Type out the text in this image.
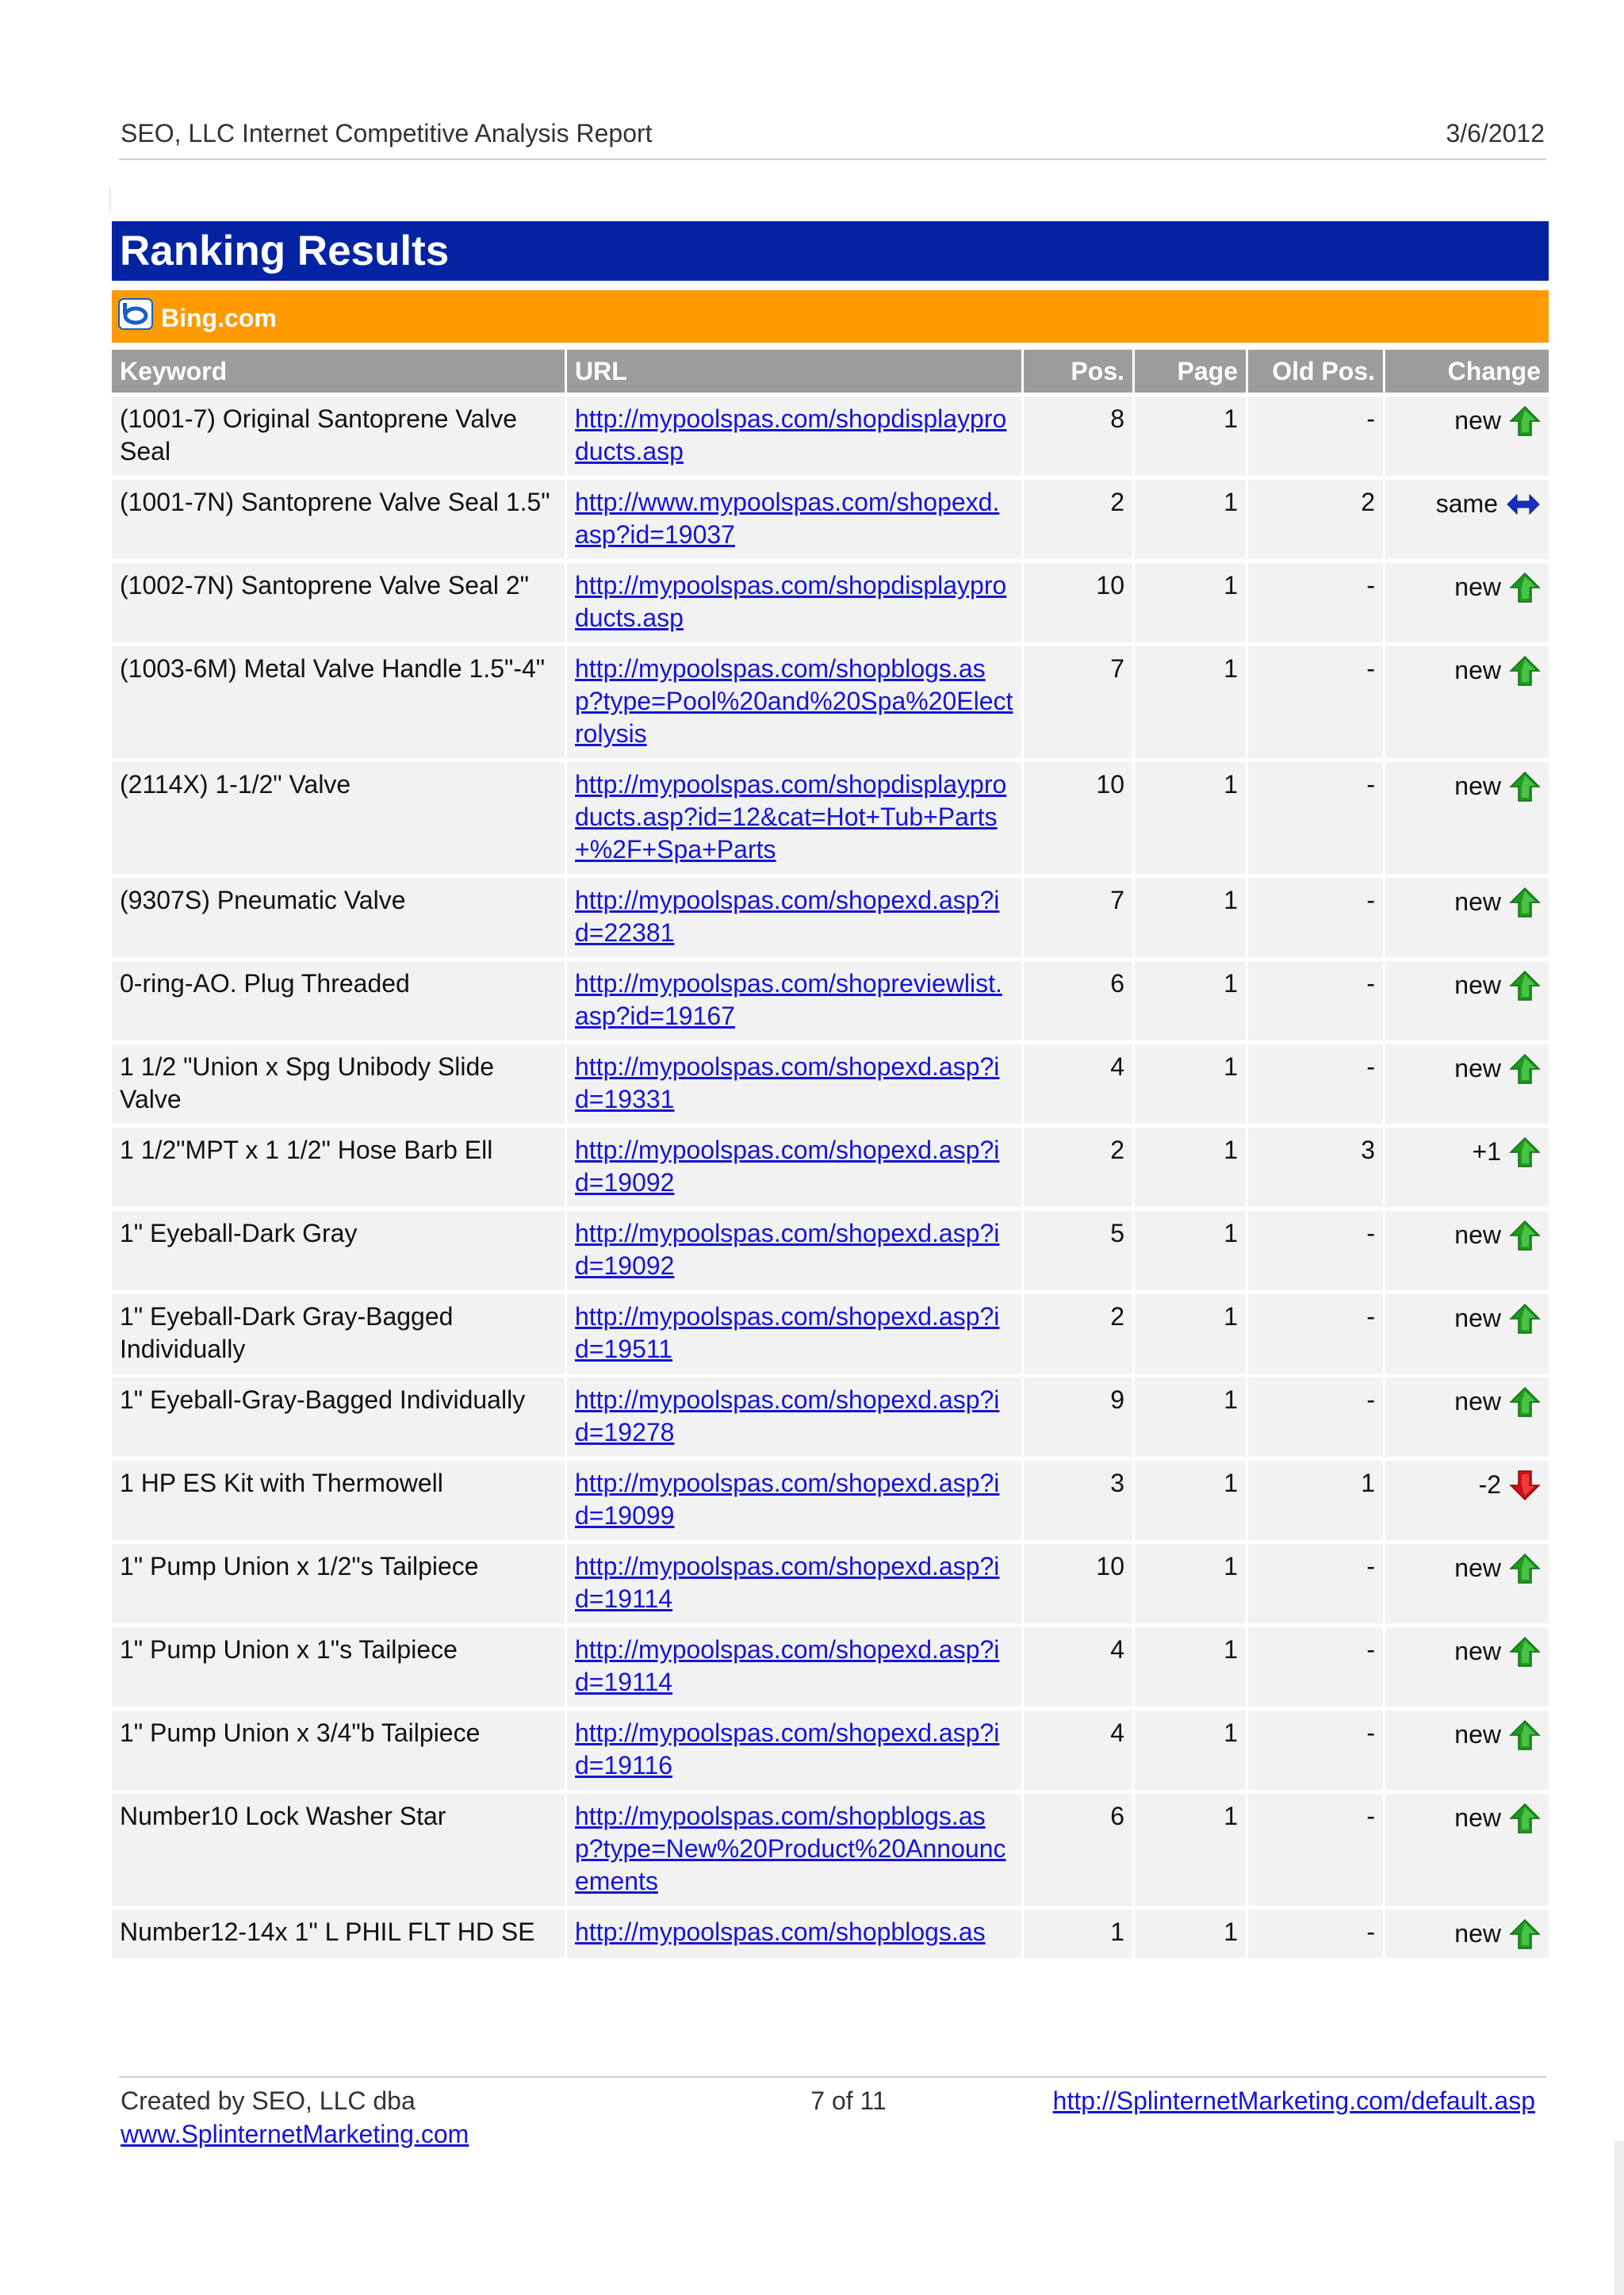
SEO, LLC Internet Competitive Analysis Report	3/6/2012
Ranking Results
Bing.com
Keyword	URL	Pos.	Page	Old Pos.	Change
(1001-7) Original Santoprene Valve Seal	http://mypoolspas.com/shopdisplayproducts.asp	8	1	-	new
(1001-7N) Santoprene Valve Seal 1.5"	http://www.mypoolspas.com/shopexd.asp?id=19037	2	1	2	same
(1002-7N) Santoprene Valve Seal 2"	http://mypoolspas.com/shopdisplayproducts.asp	10	1	-	new
(1003-6M) Metal Valve Handle 1.5"-4"	http://mypoolspas.com/shopblogs.asp?type=Pool%20and%20Spa%20Electrolysis	7	1	-	new
(2114X) 1-1/2" Valve	http://mypoolspas.com/shopdisplayproducts.asp?id=12&cat=Hot+Tub+Parts+%2F+Spa+Parts	10	1	-	new
(9307S) Pneumatic Valve	http://mypoolspas.com/shopexd.asp?id=22381	7	1	-	new
0-ring-AO. Plug Threaded	http://mypoolspas.com/shopreviewlist.asp?id=19167	6	1	-	new
1 1/2 "Union x Spg Unibody Slide Valve	http://mypoolspas.com/shopexd.asp?id=19331	4	1	-	new
1 1/2"MPT x 1 1/2" Hose Barb Ell	http://mypoolspas.com/shopexd.asp?id=19092	2	1	3	+1
1" Eyeball-Dark Gray	http://mypoolspas.com/shopexd.asp?id=19092	5	1	-	new
1" Eyeball-Dark Gray-Bagged Individually	http://mypoolspas.com/shopexd.asp?id=19511	2	1	-	new
1" Eyeball-Gray-Bagged Individually	http://mypoolspas.com/shopexd.asp?id=19278	9	1	-	new
1 HP ES Kit with Thermowell	http://mypoolspas.com/shopexd.asp?id=19099	3	1	1	-2
1" Pump Union x 1/2"s Tailpiece	http://mypoolspas.com/shopexd.asp?id=19114	10	1	-	new
1" Pump Union x 1"s Tailpiece	http://mypoolspas.com/shopexd.asp?id=19114	4	1	-	new
1" Pump Union x 3/4"b Tailpiece	http://mypoolspas.com/shopexd.asp?id=19116	4	1	-	new
Number10 Lock Washer Star	http://mypoolspas.com/shopblogs.asp?type=New%20Product%20Announcements	6	1	-	new
Number12-14x 1" L PHIL FLT HD SE	http://mypoolspas.com/shopblogs.as	1	1	-	new
Created by SEO, LLC dba
www.SplinternetMarketing.com
7 of 11	http://SplinternetMarketing.com/default.asp
